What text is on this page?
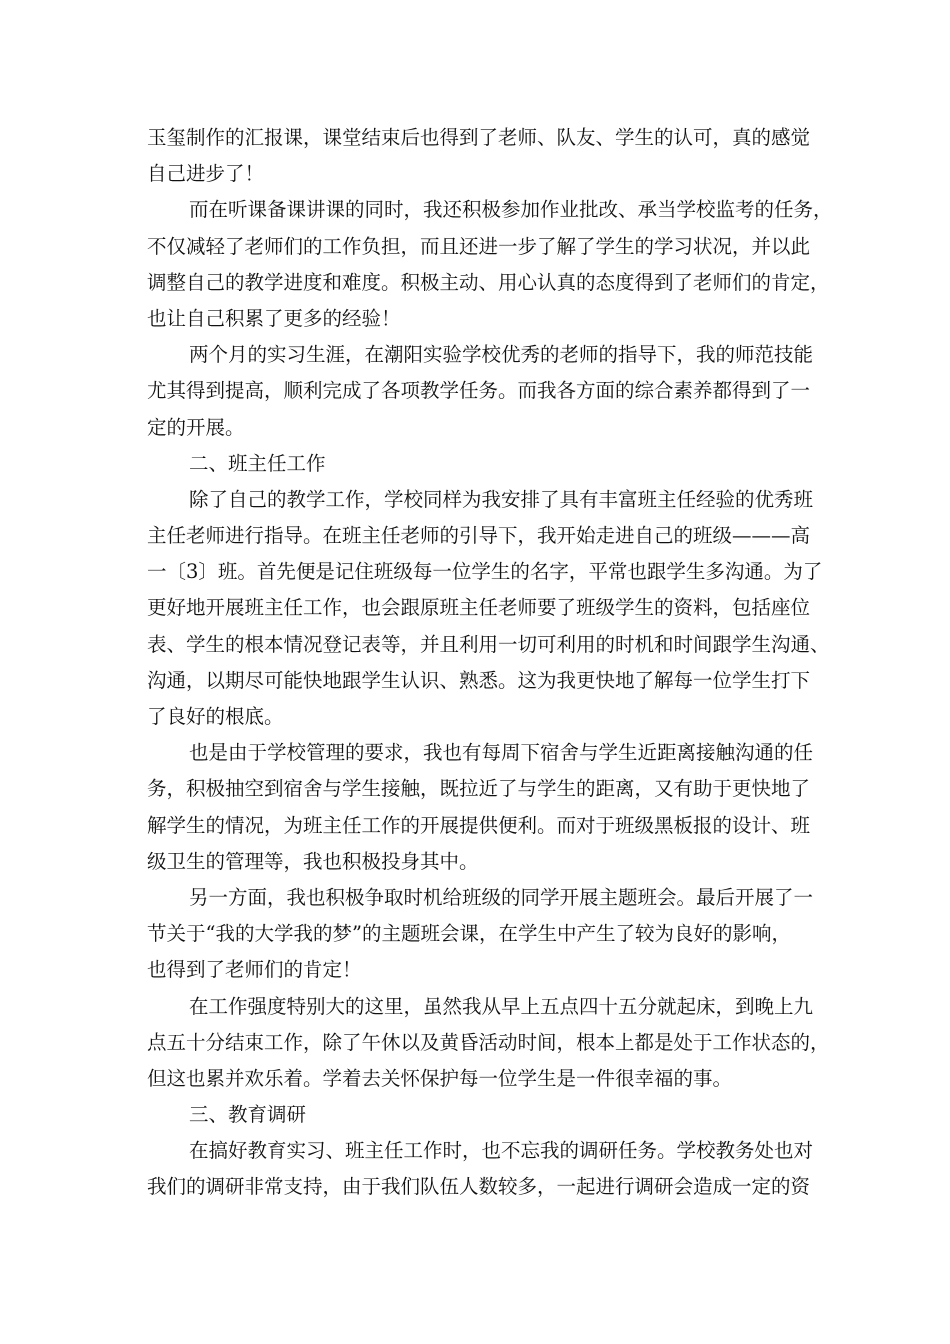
玉玺制作的汇报课，课堂结束后也得到了老师、队友、学生的认可，真的感觉
自己进步了！
而在听课备课讲课的同时，我还积极参加作业批改、承当学校监考的任务，
不仅减轻了老师们的工作负担，而且还进一步了解了学生的学习状况，并以此
调整自己的教学进度和难度。积极主动、用心认真的态度得到了老师们的肯定，
也让自己积累了更多的经验！
两个月的实习生涯，在潮阳实验学校优秀的老师的指导下，我的师范技能
尤其得到提高，顺利完成了各项教学任务。而我各方面的综合素养都得到了一
定的开展。
二、班主任工作
除了自己的教学工作，学校同样为我安排了具有丰富班主任经验的优秀班
主任老师进行指导。在班主任老师的引导下，我开始走进自己的班级———高
一〔3〕班。首先便是记住班级每一位学生的名字，平常也跟学生多沟通。为了
更好地开展班主任工作，也会跟原班主任老师要了班级学生的资料，包括座位
表、学生的根本情况登记表等，并且利用一切可利用的时机和时间跟学生沟通、
沟通，以期尽可能快地跟学生认识、熟悉。这为我更快地了解每一位学生打下
了良好的根底。
也是由于学校管理的要求，我也有每周下宿舍与学生近距离接触沟通的任
务，积极抽空到宿舍与学生接触，既拉近了与学生的距离，又有助于更快地了
解学生的情况，为班主任工作的开展提供便利。而对于班级黑板报的设计、班
级卫生的管理等，我也积极投身其中。
另一方面，我也积极争取时机给班级的同学开展主题班会。最后开展了一
节关于“我的大学我的梦”的主题班会课，在学生中产生了较为良好的影响，
也得到了老师们的肯定！
在工作强度特别大的这里，虽然我从早上五点四十五分就起床，到晚上九
点五十分结束工作，除了午休以及黄昏活动时间，根本上都是处于工作状态的，
但这也累并欢乐着。学着去关怀保护每一位学生是一件很幸福的事。
三、教育调研
在搞好教育实习、班主任工作时，也不忘我的调研任务。学校教务处也对
我们的调研非常支持，由于我们队伍人数较多，一起进行调研会造成一定的资
